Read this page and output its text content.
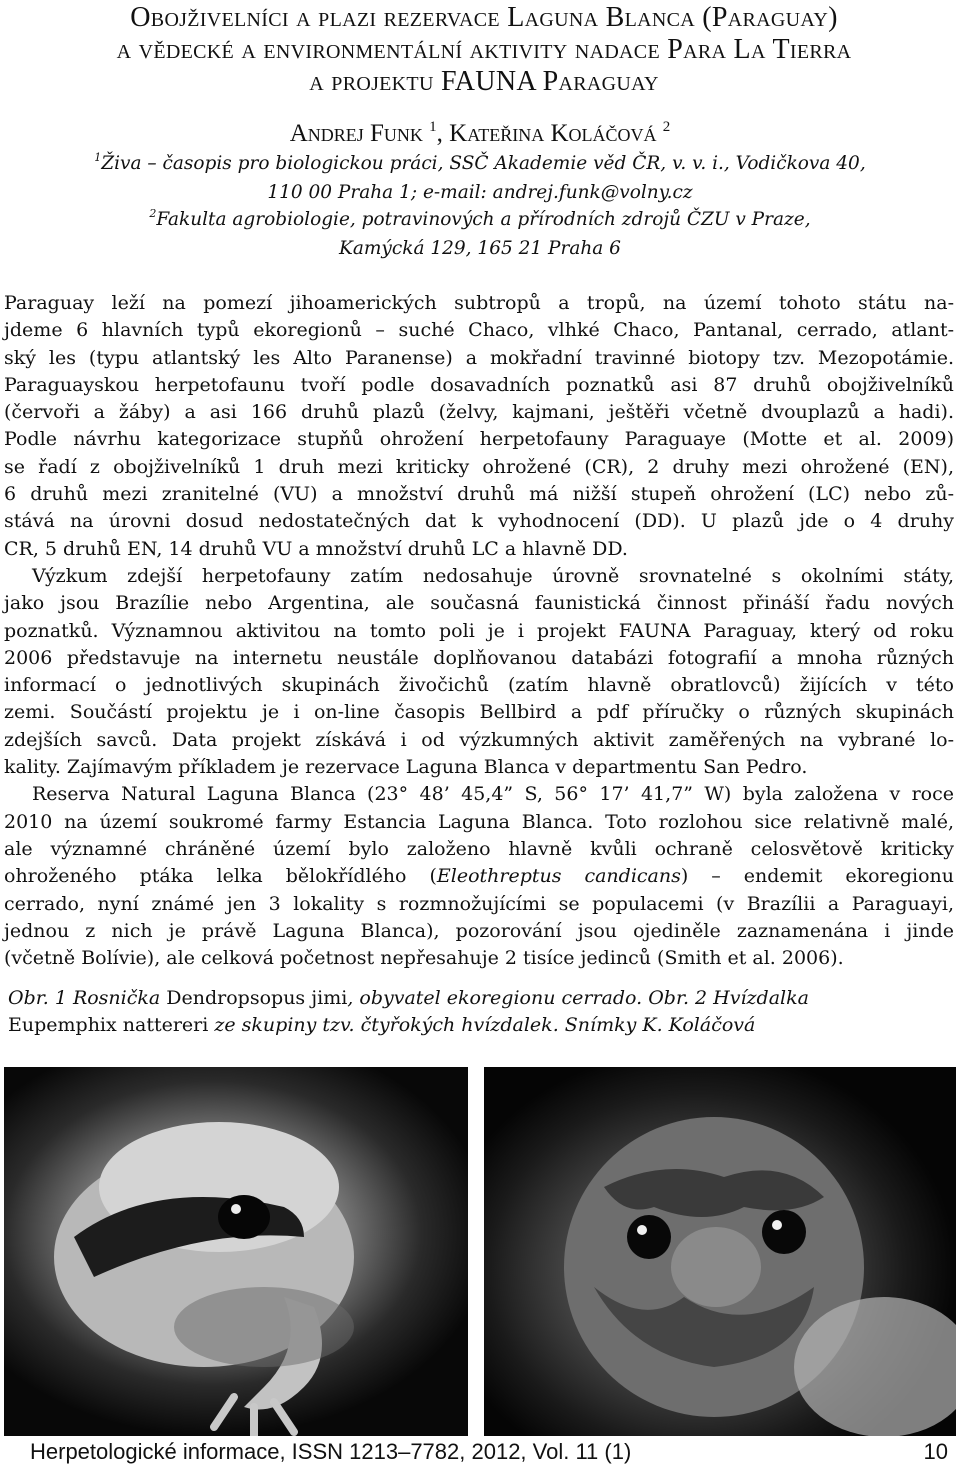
Obojživelníci a plazi rezervace Laguna Blanca (Paraguay)
a vědecké a environmentální aktivity nadace Para La Tierra
a projektu FAUNA Paraguay
Andrej Funk $^1$, Kateřina Koláčová $^2$
$^1$Živa – časopis pro biologickou práci, SSČ Akademie věd ČR, v. v. i., Vodičkova 40,
110 00 Praha 1; e-mail: andrej.funk@volny.cz
$^2$Fakulta agrobiologie, potravinových a přírodních zdrojů ČZU v Praze,
Kamýcká 129, 165 21 Praha 6
Paraguay leží na pomezí jihoamerických subtropů a tropů, na území tohoto státu na-
jdeme 6 hlavních typů ekoregionů – suché Chaco, vlhké Chaco, Pantanal, cerrado, atlant-
ský les (typu atlantský les Alto Paranense) a mokřadní travinné biotopy tzv. Mezopotámie.
Paraguayskou herpetofaunu tvoří podle dosavadních poznatků asi 87 druhů obojživelníků
(červoři a žáby) a asi 166 druhů plazů (želvy, kajmani, ještěři včetně dvouplazů a hadi).
Podle návrhu kategorizace stupňů ohrožení herpetofauny Paraguaye (Motte et al. 2009)
se řadí z obojživelníků 1 druh mezi kriticky ohrožené (CR), 2 druhy mezi ohrožené (EN),
6 druhů mezi zranitelné (VU) a množství druhů má nižší stupeň ohrožení (LC) nebo zů-
stává na úrovni dosud nedostatečných dat k vyhodnocení (DD). U plazů jde o 4 druhy
CR, 5 druhů EN, 14 druhů VU a množství druhů LC a hlavně DD.
Výzkum zdejší herpetofauny zatím nedosahuje úrovně srovnatelné s okolními státy,
jako jsou Brazílie nebo Argentina, ale současná faunistická činnost přináší řadu nových
poznatků. Významnou aktivitou na tomto poli je i projekt FAUNA Paraguay, který od roku
2006 představuje na internetu neustále doplňovanou databázi fotografií a mnoha různých
informací o jednotlivých skupinách živočichů (zatím hlavně obratlovců) žijících v této
zemi. Součástí projektu je i on-line časopis Bellbird a pdf příručky o různých skupinách
zdejších savců. Data projekt získává i od výzkumných aktivit zaměřených na vybrané lo-
kality. Zajímavým příkladem je rezervace Laguna Blanca v departmentu San Pedro.
Reserva Natural Laguna Blanca (23° 48’ 45,4” S, 56° 17’ 41,7” W) byla založena v roce
2010 na území soukromé farmy Estancia Laguna Blanca. Toto rozlohou sice relativně malé,
ale významné chráněné území bylo založeno hlavně kvůli ochraně celosvětově kriticky
ohroženého ptáka lelka bělokřídlého (Eleothreptus candicans) – endemit ekoregionu
cerrado, nyní známé jen 3 lokality s rozmnožujícími se populacemi (v Brazílii a Paraguayi,
jednou z nich je právě Laguna Blanca), pozorování jsou ojediněle zaznamenána i jinde
(včetně Bolívie), ale celková početnost nepřesahuje 2 tisíce jedinců (Smith et al. 2006).
Obr. 1 Rosnička Dendropsopus jimi, obyvatel ekoregionu cerrado. Obr. 2 Hvízdalka
Eupemphix nattereri ze skupiny tzv. čtyřokých hvízdalek. Snímky K. Koláčová
Herpetologické informace, ISSN 1213–7782, 2012, Vol. 11 (1)	10
